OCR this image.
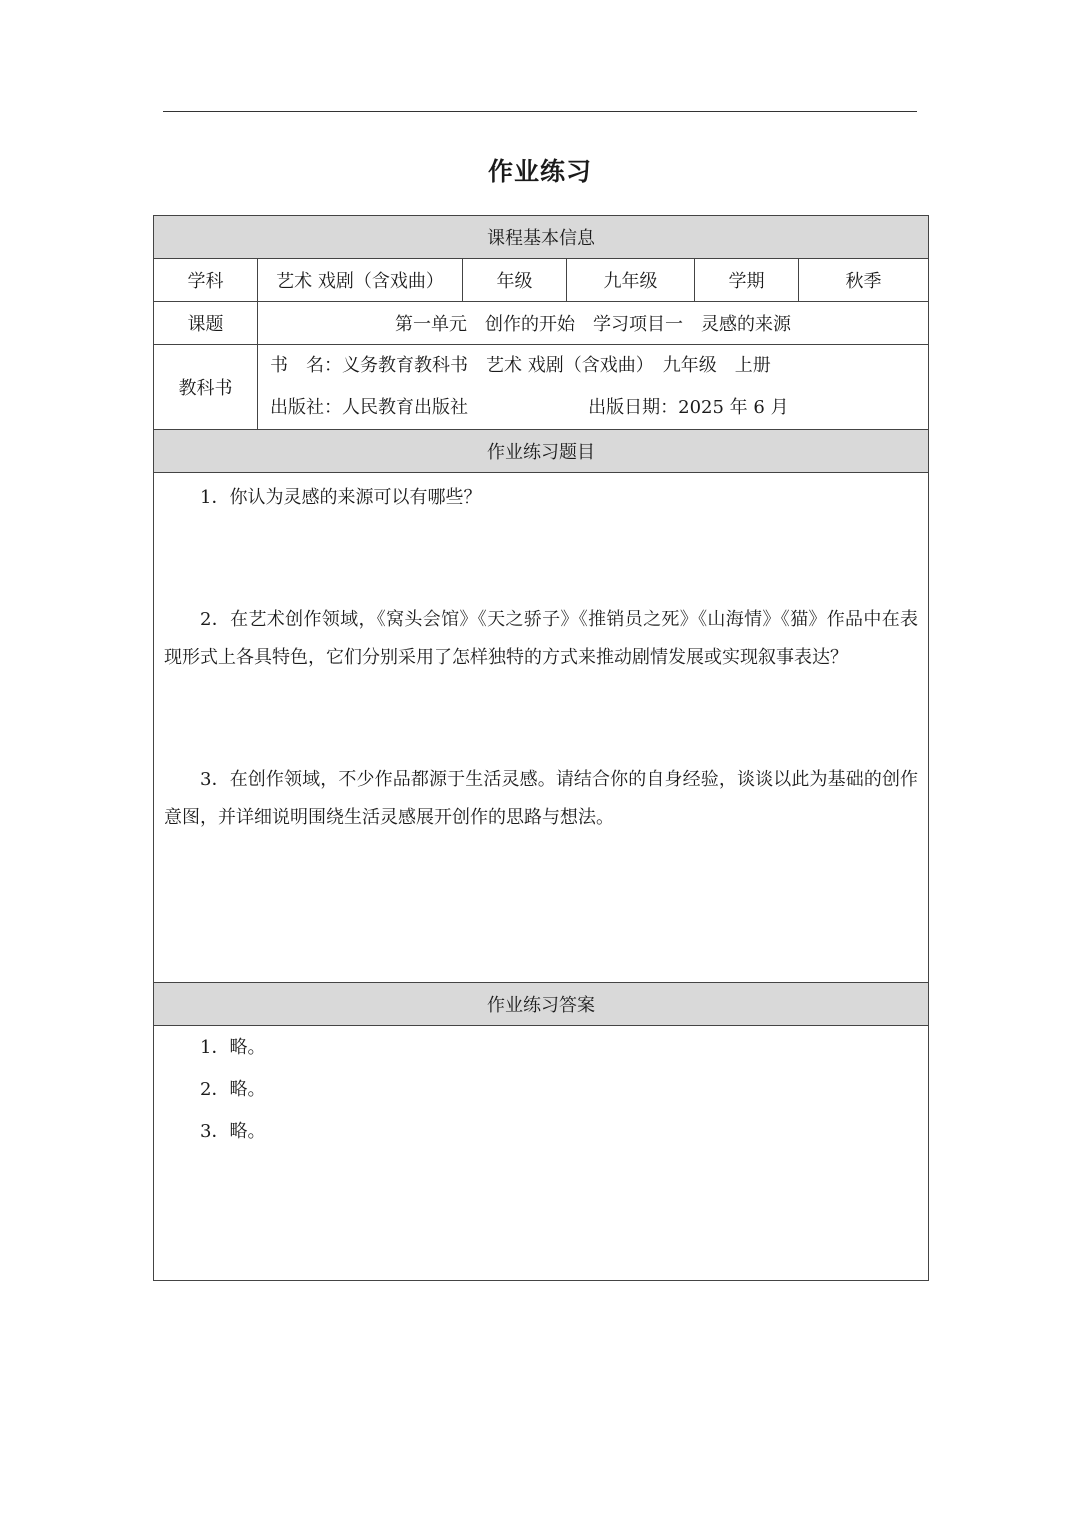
作业练习
课程基本信息					
学科	艺术 戏剧（含戏曲）	年级	九年级	学期	秋季
课题	第一单元　创作的开始　学习项目一　灵感的来源				
教科书	书　名：义务教育教科书　艺术 戏剧（含戏曲）　九年级　上册
出版社：人民教育出版社                     出版日期：2025 年 6 月				

作业练习题目					

1．你认为灵感的来源可以有哪些？

2．在艺术创作领域，《窝头会馆》《天之骄子》《推销员之死》《山海情》《猫》作品中在表现形式上各具特色，它们分别采用了怎样独特的方式来推动剧情发展或实现叙事表达？

3．在创作领域，不少作品都源于生活灵感。请结合你的自身经验，谈谈以此为基础的创作意图，并详细说明围绕生活灵感展开创作的思路与想法。					

作业练习答案					

1．略。

2．略。

3．略。					
